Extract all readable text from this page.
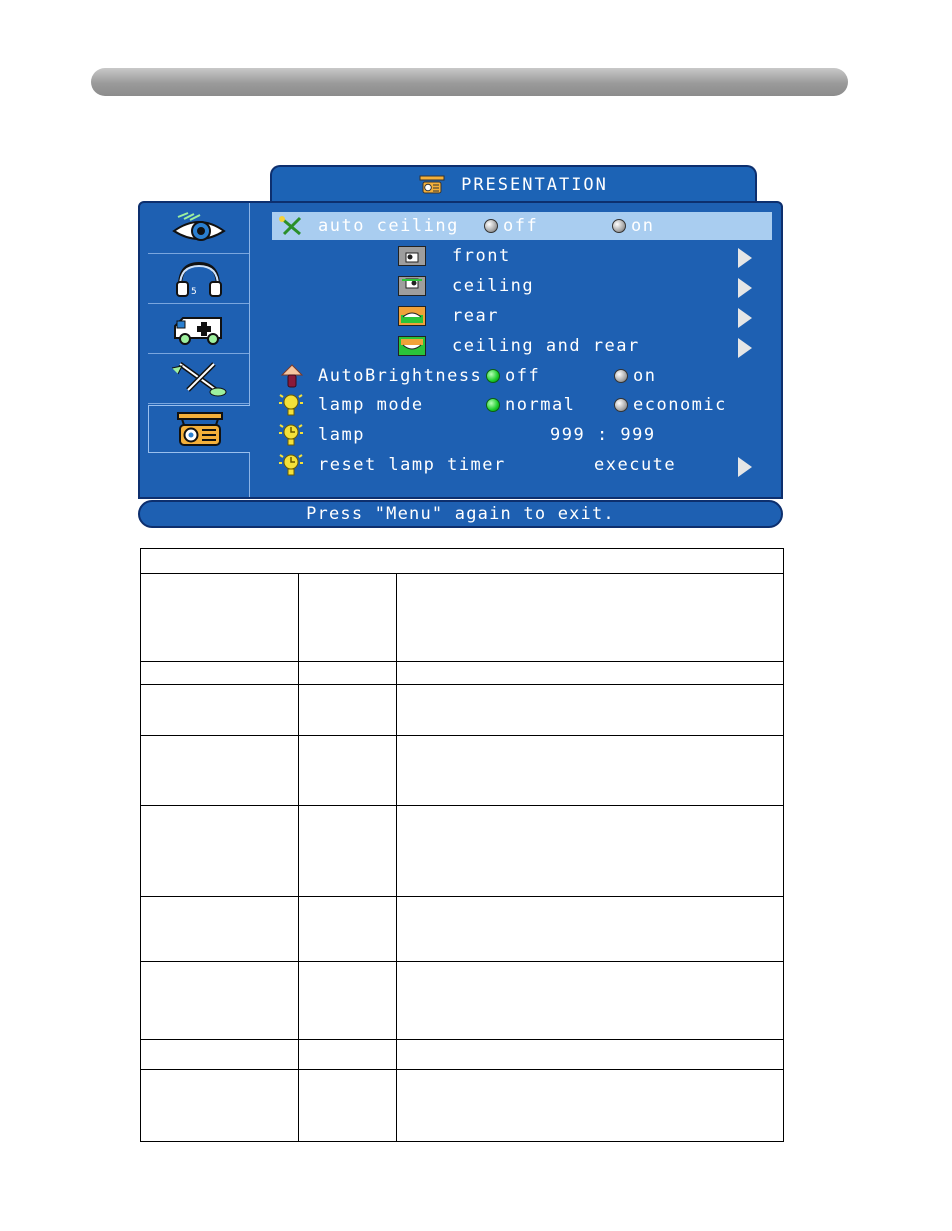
PRESENTATION
5
auto ceiling	off	on
front
ceiling
rear
ceiling and rear
AutoBrightness	off	on
lamp mode	normal	economic
lamp	999 : 999
reset lamp timer	execute
Press "Menu" again to exit.
